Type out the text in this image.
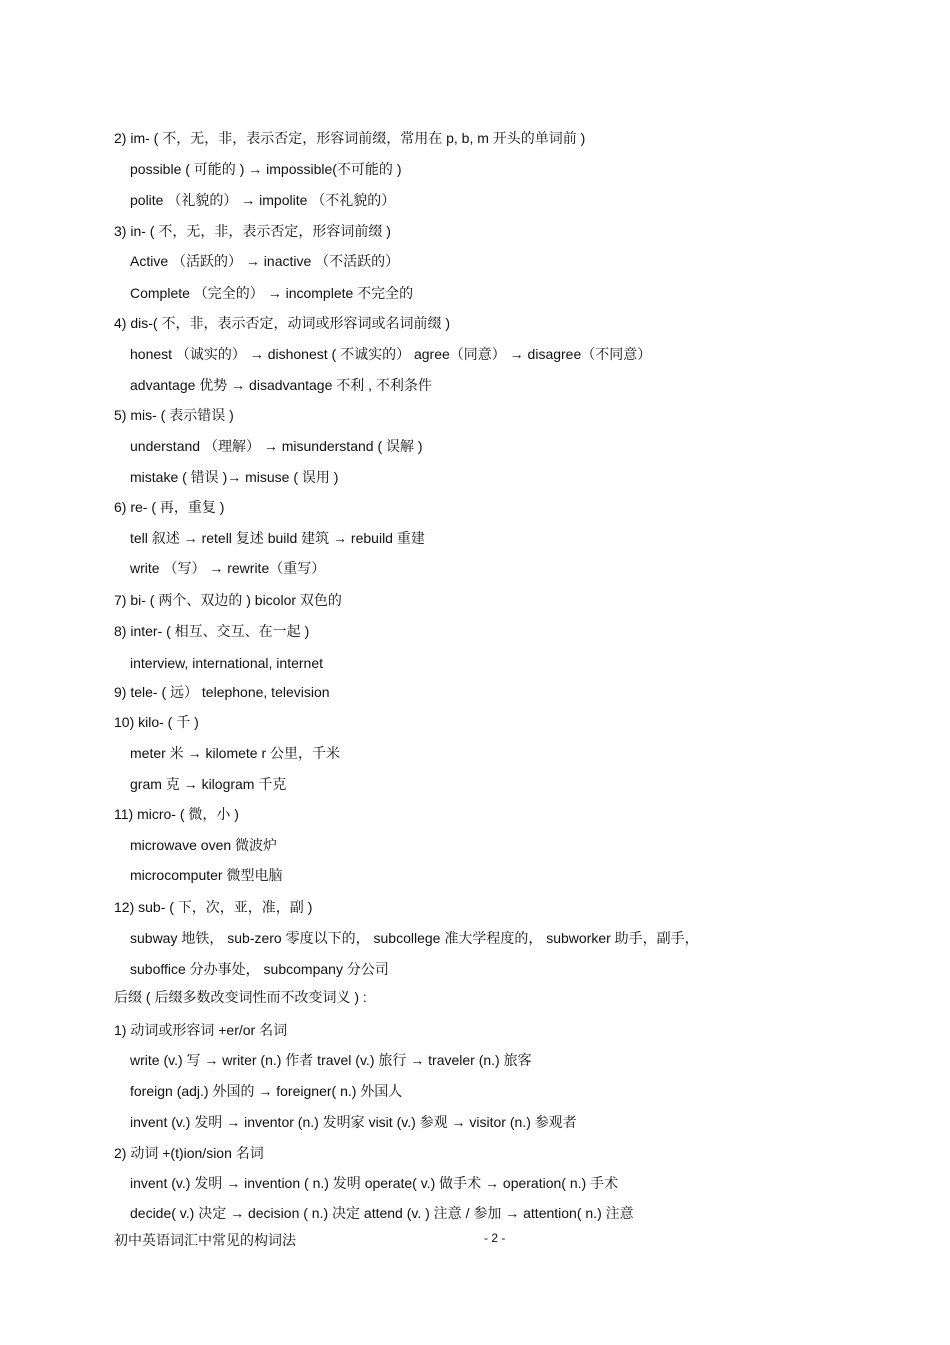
2) im- ( 不，无，非，表示否定，形容词前缀，常用在 p, b, m 开头的单词前 )
possible ( 可能的 ) → impossible(不可能的 )
polite （礼貌的） → impolite （不礼貌的）
3) in- ( 不，无，非，表示否定，形容词前缀 )
Active （活跃的） → inactive （不活跃的）
Complete （完全的） → incomplete 不完全的
4) dis-( 不，非，表示否定，动词或形容词或名词前缀 )
honest （诚实的） → dishonest ( 不诚实的） agree（同意） → disagree（不同意）
advantage 优势 → disadvantage 不利 , 不利条件
5) mis- ( 表示错误 )
understand （理解） → misunderstand ( 误解 )
mistake ( 错误 )→ misuse ( 误用 )
6) re- ( 再，重复 )
tell 叙述 → retell 复述 build 建筑 → rebuild 重建
write （写） → rewrite（重写）
7) bi- ( 两个、双边的 ) bicolor 双色的
8) inter- ( 相互、交互、在一起 )
interview, international, internet
9) tele- ( 远） telephone, television
10) kilo- ( 千 )
meter 米 → kilomete r 公里，千米
gram 克 → kilogram 千克
11) micro- ( 微，小 )
microwave oven 微波炉
microcomputer 微型电脑
12) sub- ( 下，次，亚，准，副 )
subway 地铁， sub-zero 零度以下的， subcollege 准大学程度的， subworker 助手，副手，
suboffice 分办事处， subcompany 分公司
后缀 ( 后缀多数改变词性而不改变词义 ) :
1) 动词或形容词 +er/or 名词
write (v.) 写 → writer (n.) 作者 travel (v.) 旅行 → traveler (n.) 旅客
foreign (adj.) 外国的 → foreigner( n.) 外国人
invent (v.) 发明 → inventor (n.) 发明家 visit (v.) 参观 → visitor (n.) 参观者
2) 动词 +(t)ion/sion 名词
invent (v.) 发明 → invention ( n.) 发明 operate( v.) 做手术 → operation( n.) 手术
decide( v.) 决定 → decision ( n.) 决定 attend (v. ) 注意 / 参加 → attention( n.) 注意
初中英语词汇中常见的构词法	- 2 -
